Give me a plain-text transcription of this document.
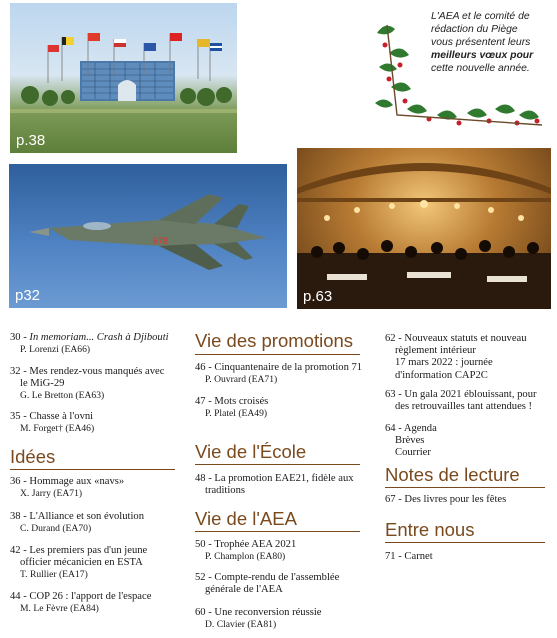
p.38
L'AEA et le comité de
rédaction du Piège
vous présentent leurs
meilleurs vœux pour
cette nouvelle année.
678
p32	p.63
30 - In memoriam... Crash à Djibouti
P. Lorenzi (EA66)
32 - Mes rendez-vous manqués avec
le MiG-29
G. Le Bretton (EA63)
35 - Chasse à l'ovni
M. Forget† (EA46)
Idées
36 - Hommage aux «navs»
X. Jarry (EA71)
38 - L'Alliance et son évolution
C. Durand (EA70)
42 - Les premiers pas d'un jeune
officier mécanicien en ESTA
T. Rullier (EA17)
44 - COP 26 : l'apport de l'espace
M. Le Fèvre (EA84)
Vie des promotions
46 - Cinquantenaire de la promotion 71
P. Ouvrard (EA71)
47 - Mots croisés
P. Platel (EA49)
Vie de l'École
48 - La promotion EAE21, fidèle aux
traditions
Vie de l'AEA
50 - Trophée AEA 2021
P. Champlon (EA80)
52 - Compte-rendu de l'assemblée
générale de l'AEA
60 - Une reconversion réussie
D. Clavier (EA81)
62 - Nouveaux statuts et nouveau
règlement intérieur
17 mars 2022 : journée
d'information CAP2C
63 - Un gala 2021 éblouissant, pour
des retrouvailles tant attendues !
64 - Agenda
Brèves
Courrier
Notes de lecture
67 - Des livres pour les fêtes
Entre nous
71 - Carnet
